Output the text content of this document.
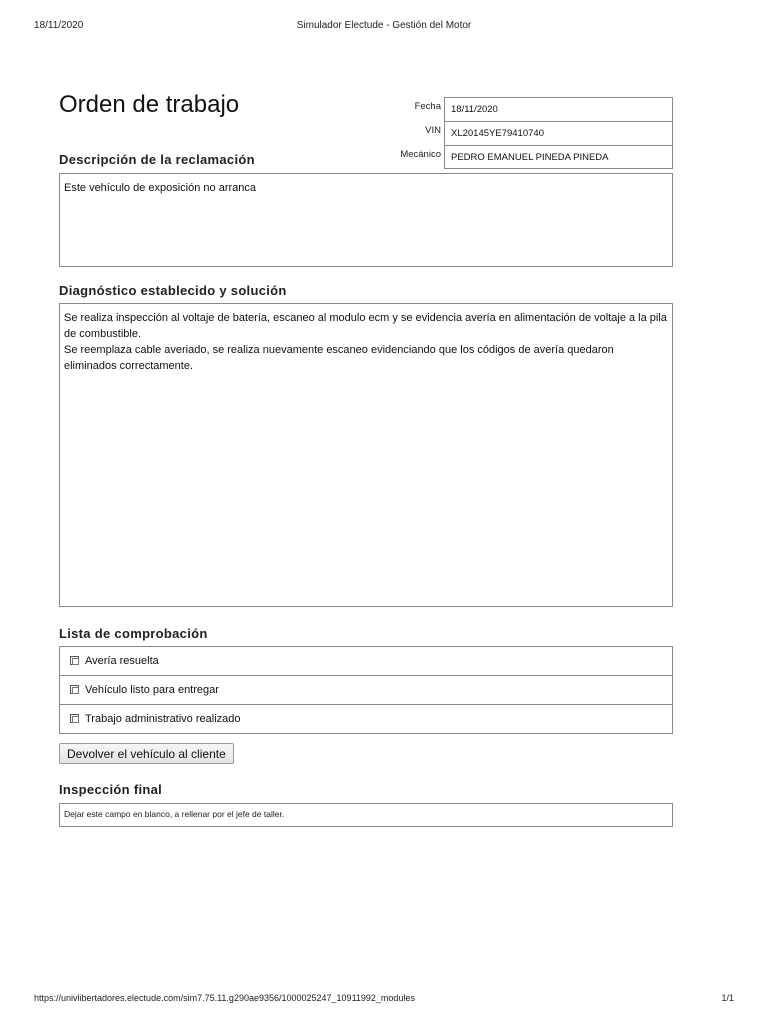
18/11/2020	Simulador Electude - Gestión del Motor
Orden de trabajo	Fecha	18/11/2020
VIN	XL20145YE79410740
Mecánico	PEDRO EMANUEL PINEDA PINEDA
Descripción de la reclamación
Este vehículo de exposición no arranca
Diagnóstico establecido y solución
Se realiza inspección al voltaje de batería, escaneo al modulo ecm y se evidencia avería en alimentación de voltaje a la pila de combustible.
Se reemplaza cable averiado, se realiza nuevamente escaneo evidenciando que los códigos de avería quedaron eliminados correctamente.
Lista de comprobación
Avería resuelta
Vehículo listo para entregar
Trabajo administrativo realizado
Devolver el vehículo al cliente
Inspección final
Dejar este campo en blanco, a rellenar por el jefe de taller.
https://univlibertadores.electude.com/sim7.75.11.g290ae9356/1000025247_10911992_modules	1/1
